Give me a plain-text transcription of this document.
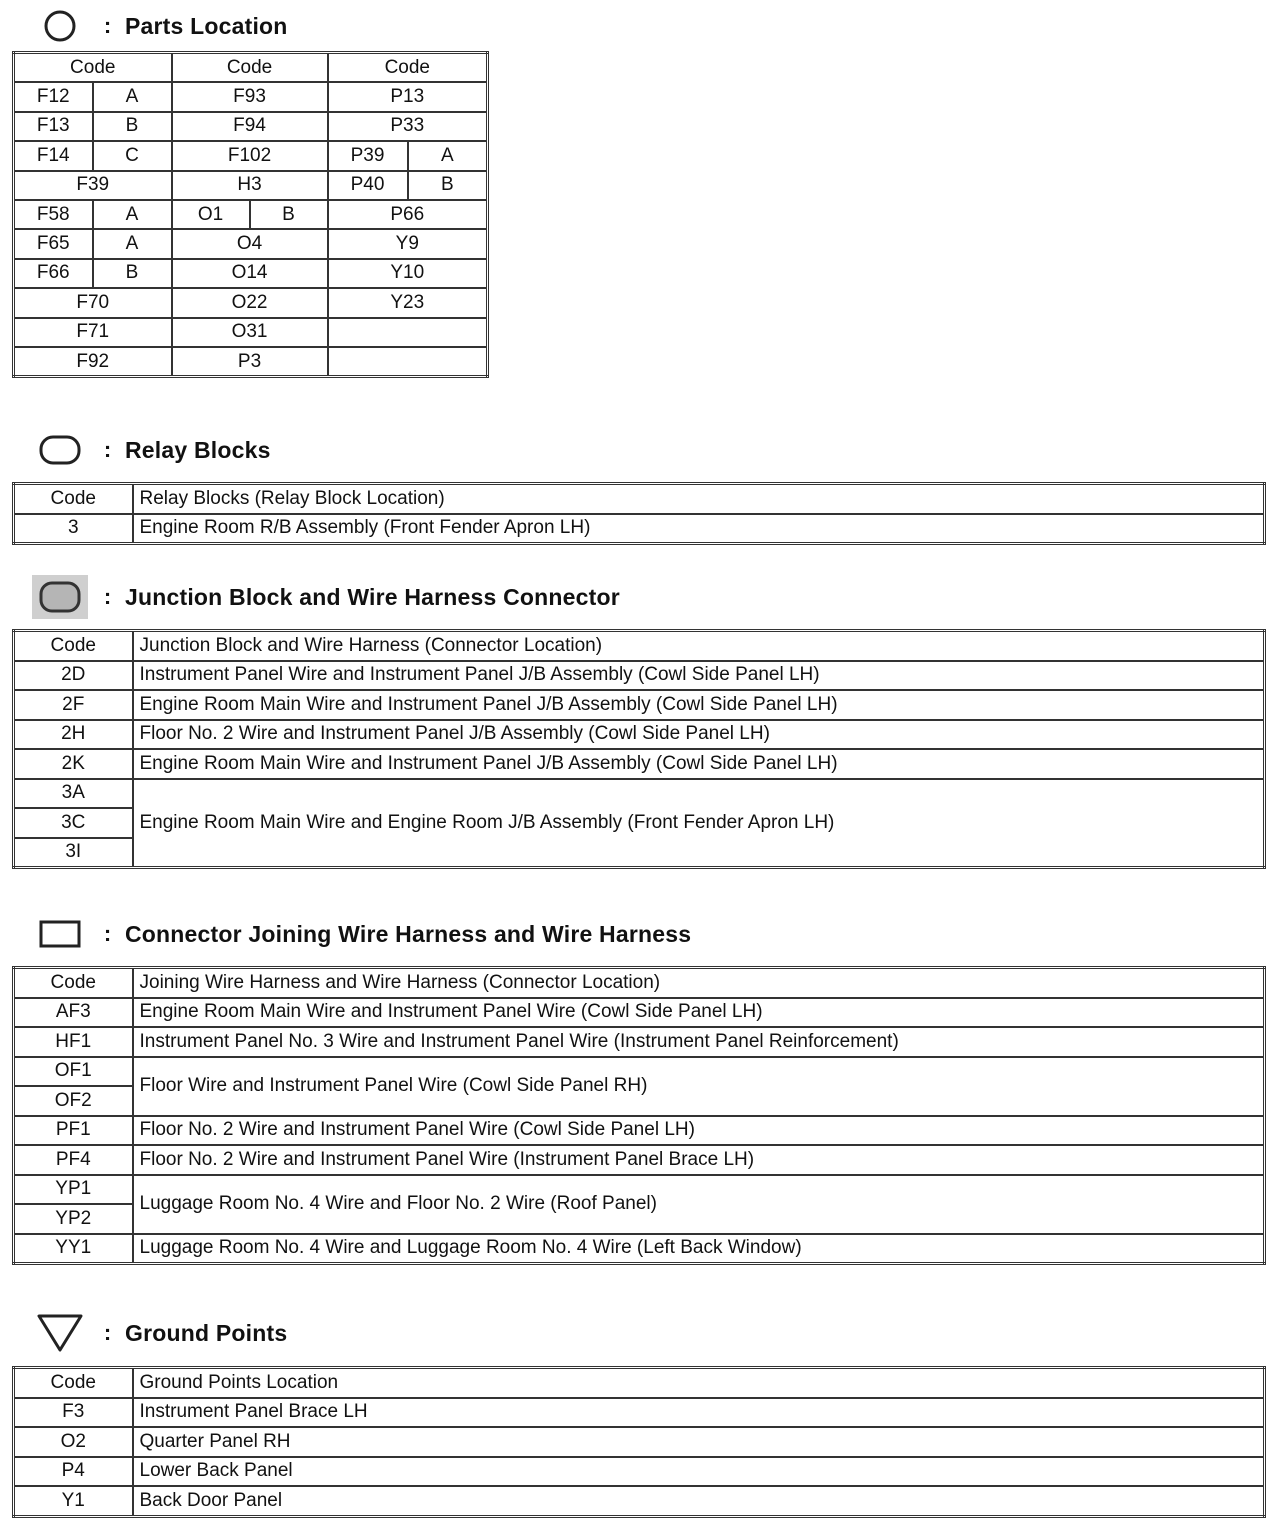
: Parts Location
Code		Code		Code	
F12	A	F93		P13	
F13	B	F94		P33	
F14	C	F102		P39	A
F39		H3		P40	B
F58	A	O1	B	P66	
F65	A	O4		Y9	
F66	B	O14		Y10	
F70		O22		Y23	
F71		O31			
F92		P3			
: Relay Blocks
Code	Relay Blocks (Relay Block Location)
3	Engine Room R/B Assembly (Front Fender Apron LH)
: Junction Block and Wire Harness Connector
Code	Junction Block and Wire Harness (Connector Location)
2D	Instrument Panel Wire and Instrument Panel J/B Assembly (Cowl Side Panel LH)
2F	Engine Room Main Wire and Instrument Panel J/B Assembly (Cowl Side Panel LH)
2H	Floor No. 2 Wire and Instrument Panel J/B Assembly (Cowl Side Panel LH)
2K	Engine Room Main Wire and Instrument Panel J/B Assembly (Cowl Side Panel LH)
3A	Engine Room Main Wire and Engine Room J/B Assembly (Front Fender Apron LH)
3C	
3I	
: Connector Joining Wire Harness and Wire Harness
Code	Joining Wire Harness and Wire Harness (Connector Location)
AF3	Engine Room Main Wire and Instrument Panel Wire (Cowl Side Panel LH)
HF1	Instrument Panel No. 3 Wire and Instrument Panel Wire (Instrument Panel Reinforcement)
OF1	Floor Wire and Instrument Panel Wire (Cowl Side Panel RH)
OF2	
PF1	Floor No. 2 Wire and Instrument Panel Wire (Cowl Side Panel LH)
PF4	Floor No. 2 Wire and Instrument Panel Wire (Instrument Panel Brace LH)
YP1	Luggage Room No. 4 Wire and Floor No. 2 Wire (Roof Panel)
YP2	
YY1	Luggage Room No. 4 Wire and Luggage Room No. 4 Wire (Left Back Window)
: Ground Points
Code	Ground Points Location
F3	Instrument Panel Brace LH
O2	Quarter Panel RH
P4	Lower Back Panel
Y1	Back Door Panel
